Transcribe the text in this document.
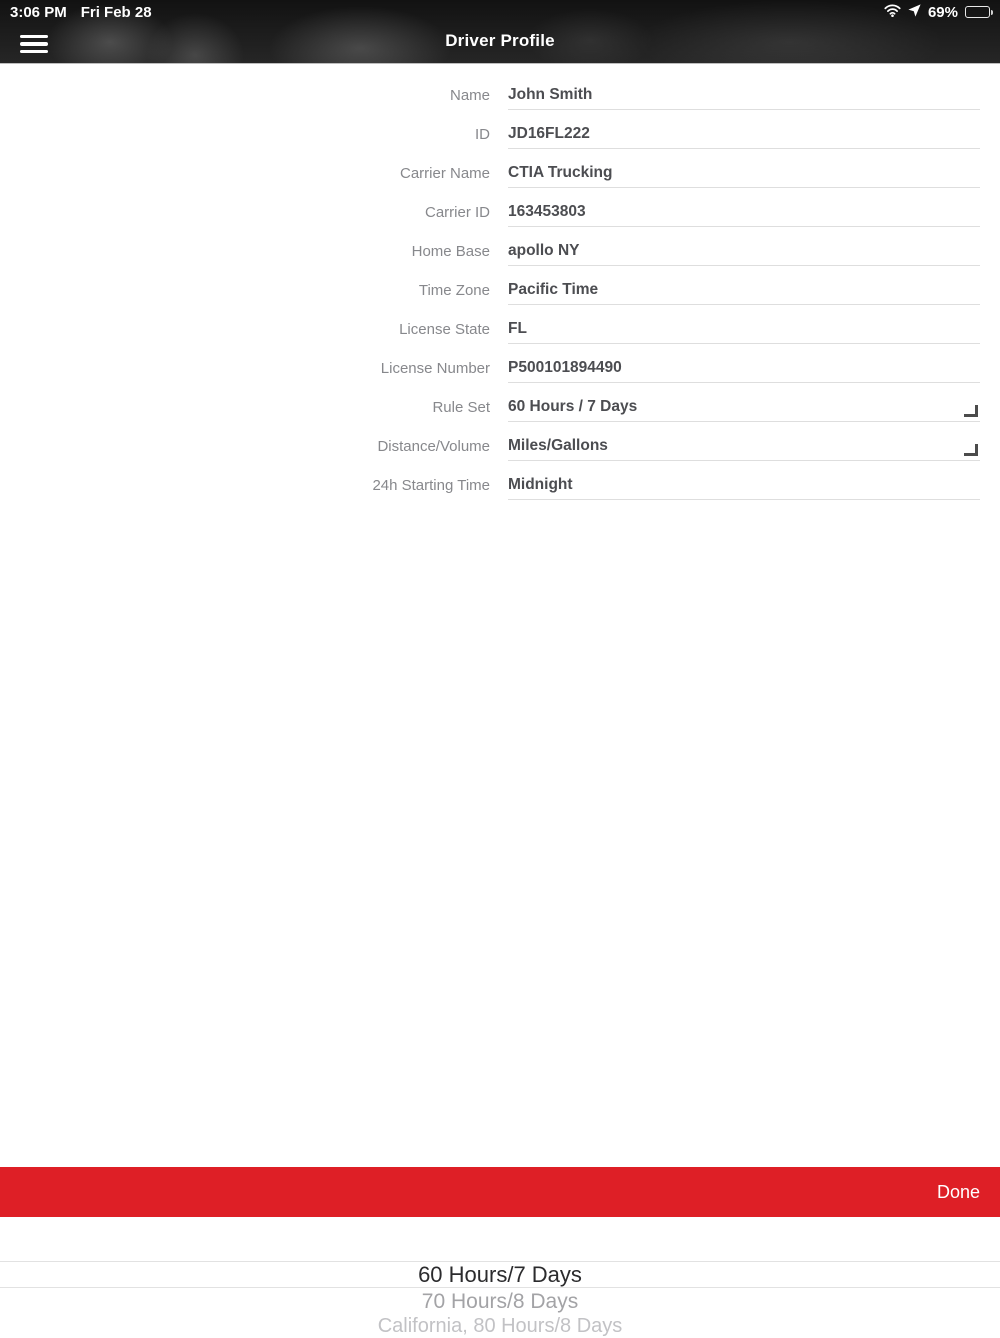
3:06 PM Fri Feb 28	69%
Driver Profile
Name John Smith
ID JD16FL222
Carrier Name CTIA Trucking
Carrier ID 163453803
Home Base apollo NY
Time Zone Pacific Time
License State FL
License Number P500101894490
Rule Set 60 Hours / 7 Days
Distance/Volume Miles/Gallons
24h Starting Time Midnight
Done
60 Hours/7 Days
70 Hours/8 Days
California, 80 Hours/8 Days
